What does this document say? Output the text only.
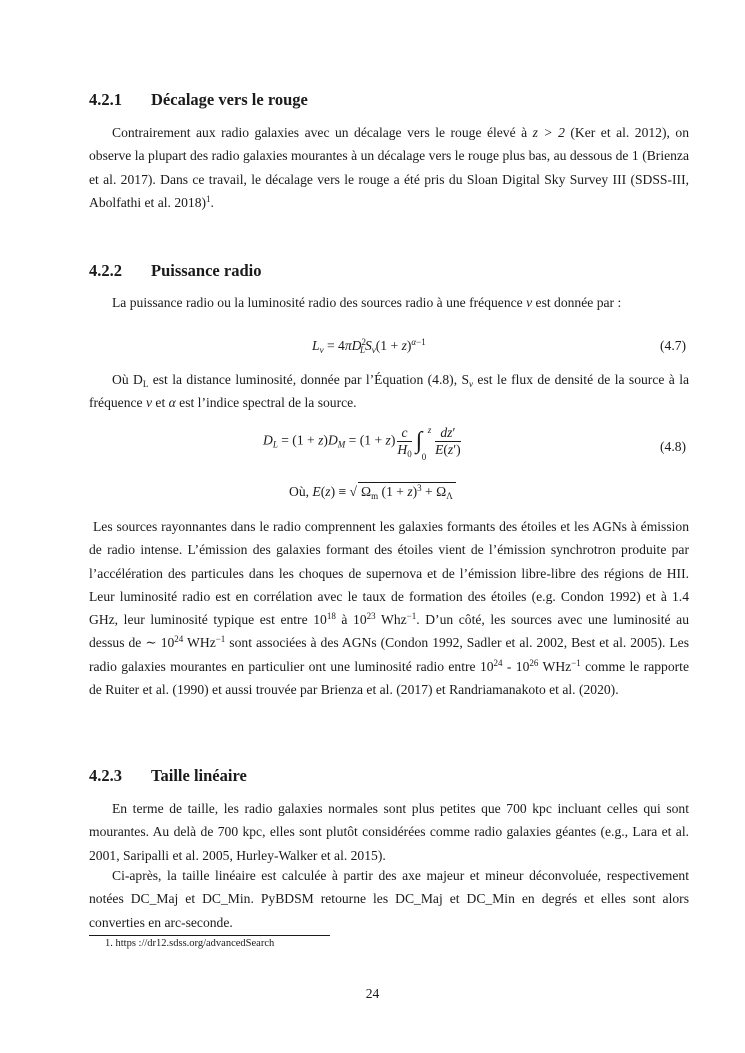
4.2.1 Décalage vers le rouge

Contrairement aux radio galaxies avec un décalage vers le rouge élevé à z > 2 (Ker et al. 2012), on observe la plupart des radio galaxies mourantes à un décalage vers le rouge plus bas, au dessous de 1 (Brienza et al. 2017). Dans ce travail, le décalage vers le rouge a été pris du Sloan Digital Sky Survey III (SDSS-III, Abolfathi et al. 2018)$^1$.

4.2.2 Puissance radio

La puissance radio ou la luminosité radio des sources radio à une fréquence ν est donnée par :

$L_\nu = 4\pi D^2_LS_\nu(1 + z)^{\alpha-1}$	(4.7)

Où $D_L$ est la distance luminosité, donnée par l’Équation (4.8), $S_\nu$ est le flux de densité de la source à la fréquence ν et α est l’indice spectral de la source.

$D_L = (1 + z)D_M = (1 + z) \frac{c}{H_0}$ ∫ z
0
$\frac{dz'}{E(z')}$	(4.8)
Où, E(z) ≡ √ $\Omega_m$ $(1 + z)^3 + \Omega_\Lambda$

Les sources rayonnantes dans le radio comprennent les galaxies formants des étoiles et les AGNs à émission de radio intense. L’émission des galaxies formant des étoiles vient de l’émission synchrotron produite par l’accélération des particules dans les choques de supernova et de l’émission libre-libre des régions de HII. Leur luminosité radio est en corrélation avec le taux de formation des étoiles (e.g. Condon 1992) et à 1.4 GHz, leur luminosité typique est entre $10^{18}$ à $10^{23}$ Whz$^{-1}$. D’un côté, les sources avec une luminosité au dessus de ∼ $10^{24}$ WHz$^{-1}$ sont associées à des AGNs (Condon 1992, Sadler et al. 2002, Best et al. 2005). Les radio galaxies mourantes en particulier ont une luminosité radio entre $10^{24} - 10^{26}$ WHz$^{-1}$ comme le rapporte de Ruiter et al. (1990) et aussi trouvée par Brienza et al. (2017) et Randriamanakoto et al. (2020).

4.2.3 Taille linéaire

En terme de taille, les radio galaxies normales sont plus petites que 700 kpc incluant celles qui sont mourantes. Au delà de 700 kpc, elles sont plutôt considérées comme radio galaxies géantes (e.g., Lara et al. 2001, Saripalli et al. 2005, Hurley-Walker et al. 2015).

Ci-après, la taille linéaire est calculée à partir des axe majeur et mineur déconvoluée, respectivement notées DC_Maj et DC_Min. PyBDSM retourne les DC_Maj et DC_Min en degrés et elles sont alors converties en arc-seconde.

1. https ://dr12.sdss.org/advancedSearch
24
